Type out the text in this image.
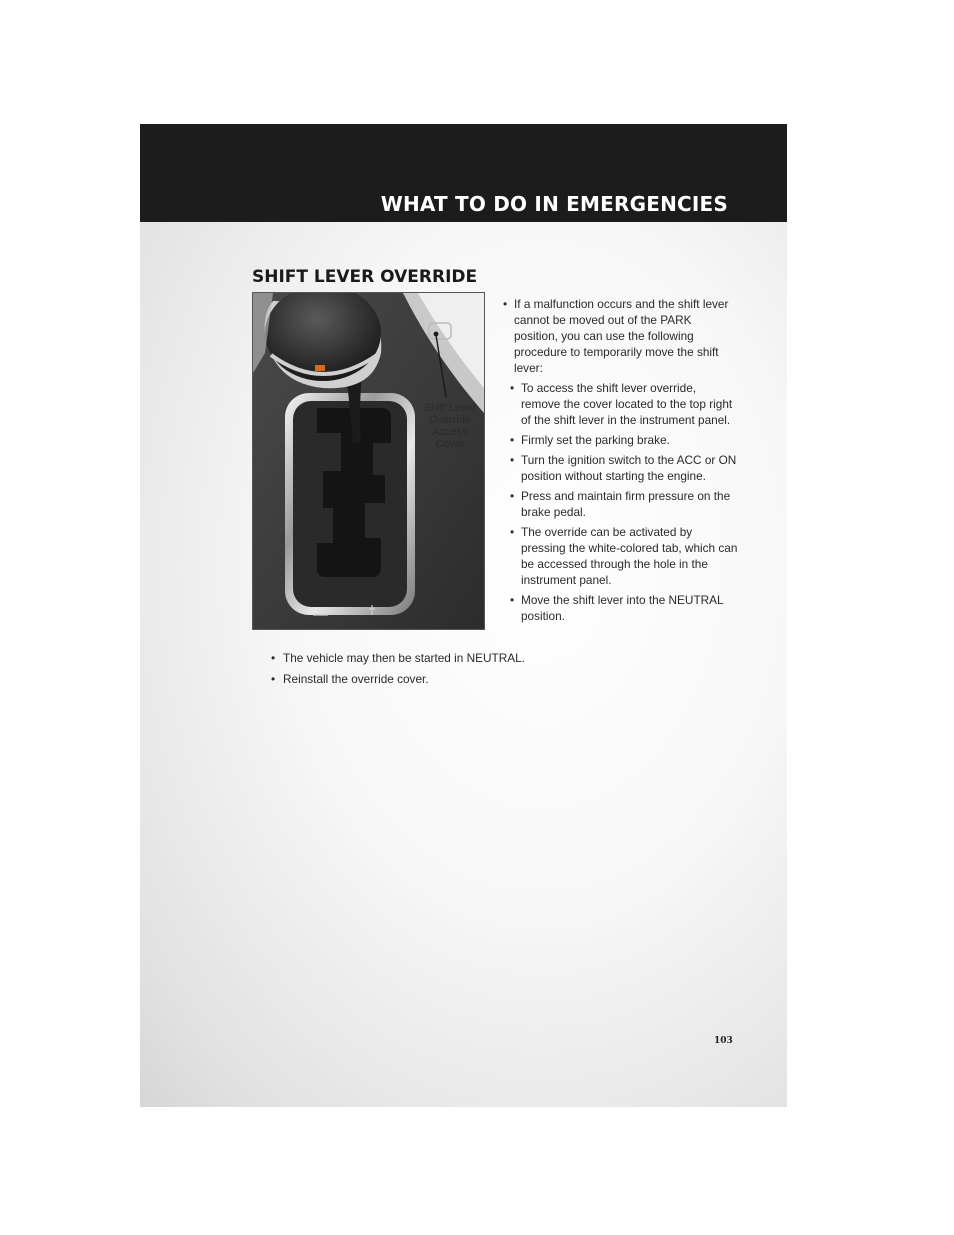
WHAT TO DO IN EMERGENCIES
SHIFT LEVER OVERRIDE
Shift Lever
Override
Access
Cover
• If a malfunction occurs and the shift lever cannot be moved out of the PARK position, you can use the following procedure to temporarily move the shift lever:
• To access the shift lever override, remove the cover located to the top right of the shift lever in the instrument panel.
• Firmly set the parking brake.
• Turn the ignition switch to the ACC or ON position without starting the engine.
• Press and maintain firm pressure on the brake pedal.
• The override can be activated by pressing the white-colored tab, which can be accessed through the hole in the instrument panel.
• Move the shift lever into the NEUTRAL position.
• The vehicle may then be started in NEUTRAL.
• Reinstall the override cover.
103
